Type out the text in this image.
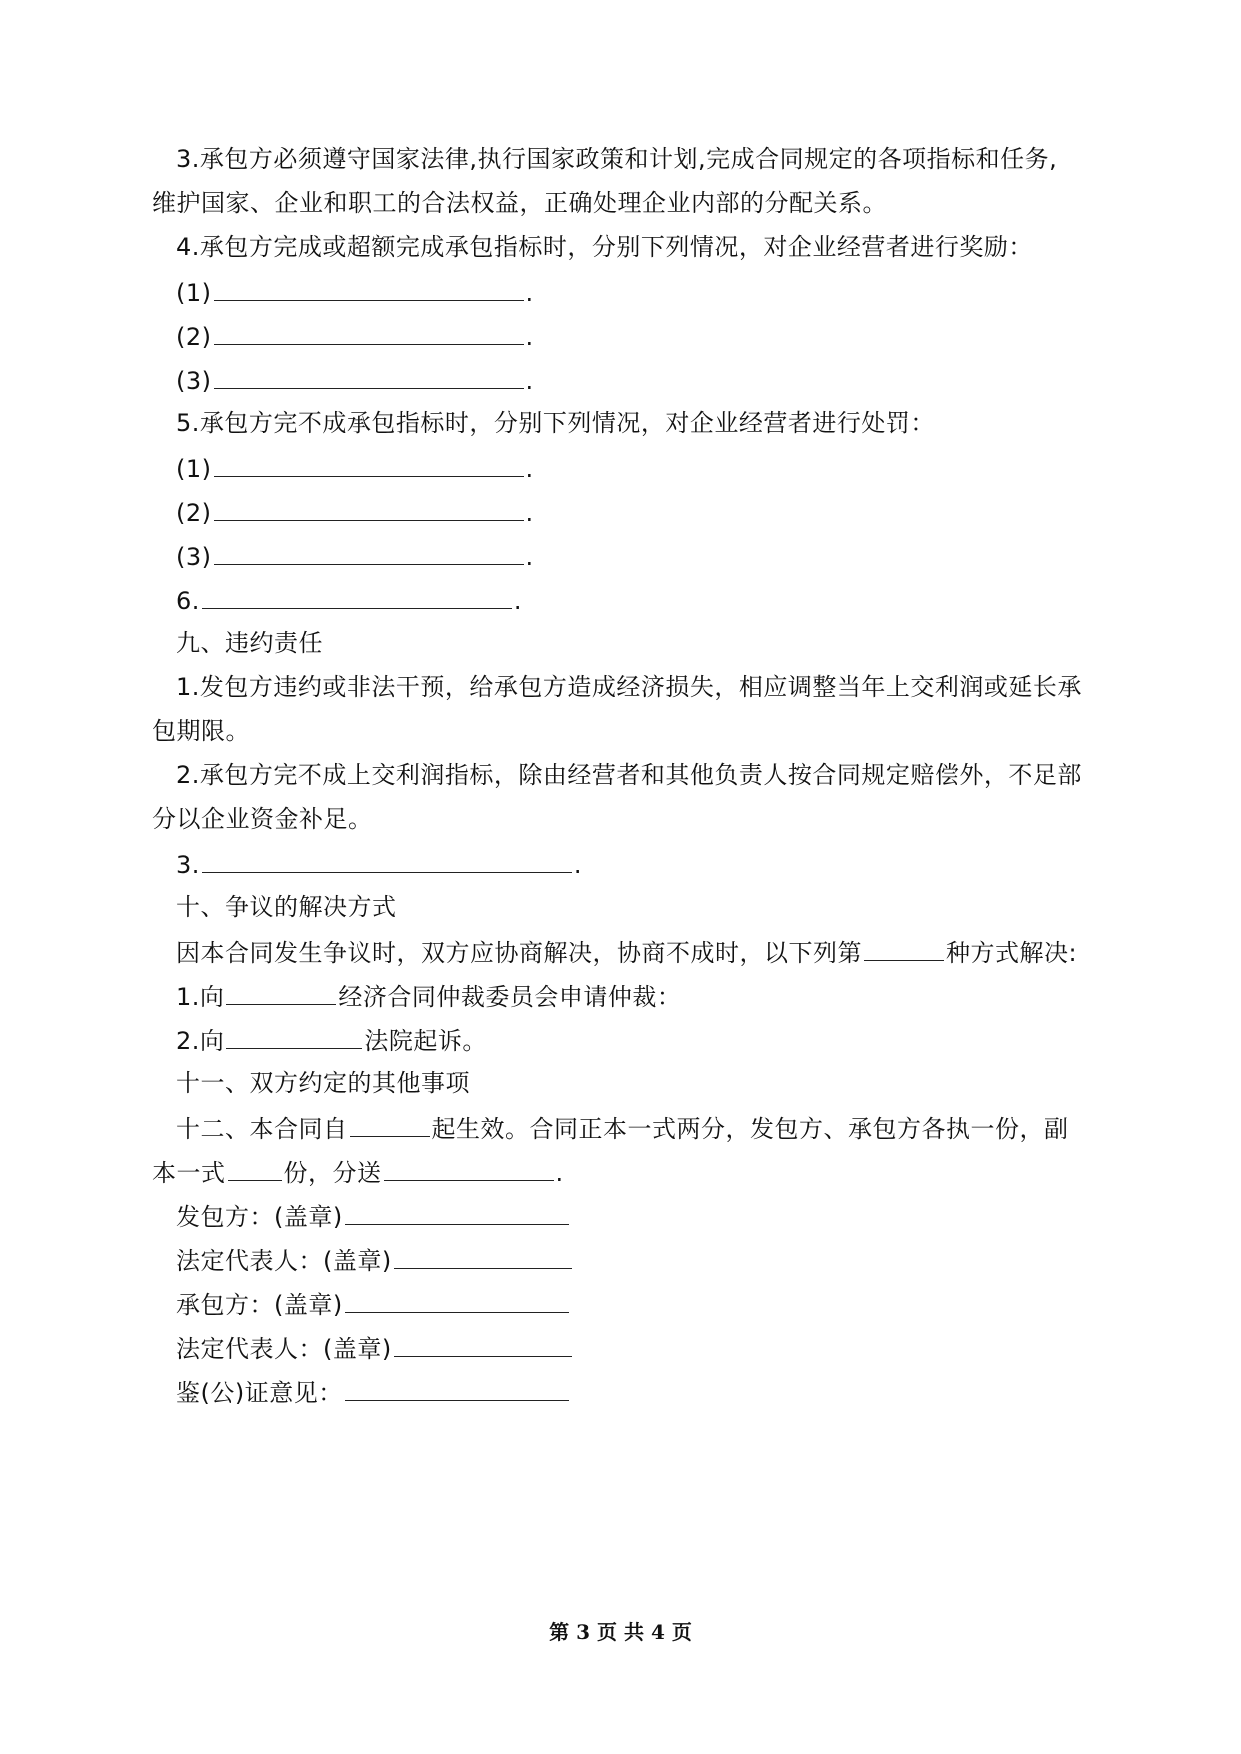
3.承包方必须遵守国家法律,执行国家政策和计划,完成合同规定的各项指标和任务,
维护国家、企业和职工的合法权益，正确处理企业内部的分配关系。
4.承包方完成或超额完成承包指标时，分别下列情况，对企业经营者进行奖励：
(1)	.
(2)	.
(3)	.
5.承包方完不成承包指标时，分别下列情况，对企业经营者进行处罚：
(1)	.
(2)	.
(3)	.
6.	.
九、违约责任
1.发包方违约或非法干预，给承包方造成经济损失，相应调整当年上交利润或延长承
包期限。
2.承包方完不成上交利润指标，除由经营者和其他负责人按合同规定赔偿外，不足部
分以企业资金补足。
3.	.
十、争议的解决方式
因本合同发生争议时，双方应协商解决，协商不成时，以下列第	种方式解决:
1.向	经济合同仲裁委员会申请仲裁：
2.向	法院起诉。
十一、双方约定的其他事项
十二、本合同自	起生效。合同正本一式两分，发包方、承包方各执一份，副
本一式 份，分送	.
发包方：(盖章)
法定代表人：(盖章)
承包方：(盖章)
法定代表人：(盖章)
鉴(公)证意见：
第 3 页 共 4 页
